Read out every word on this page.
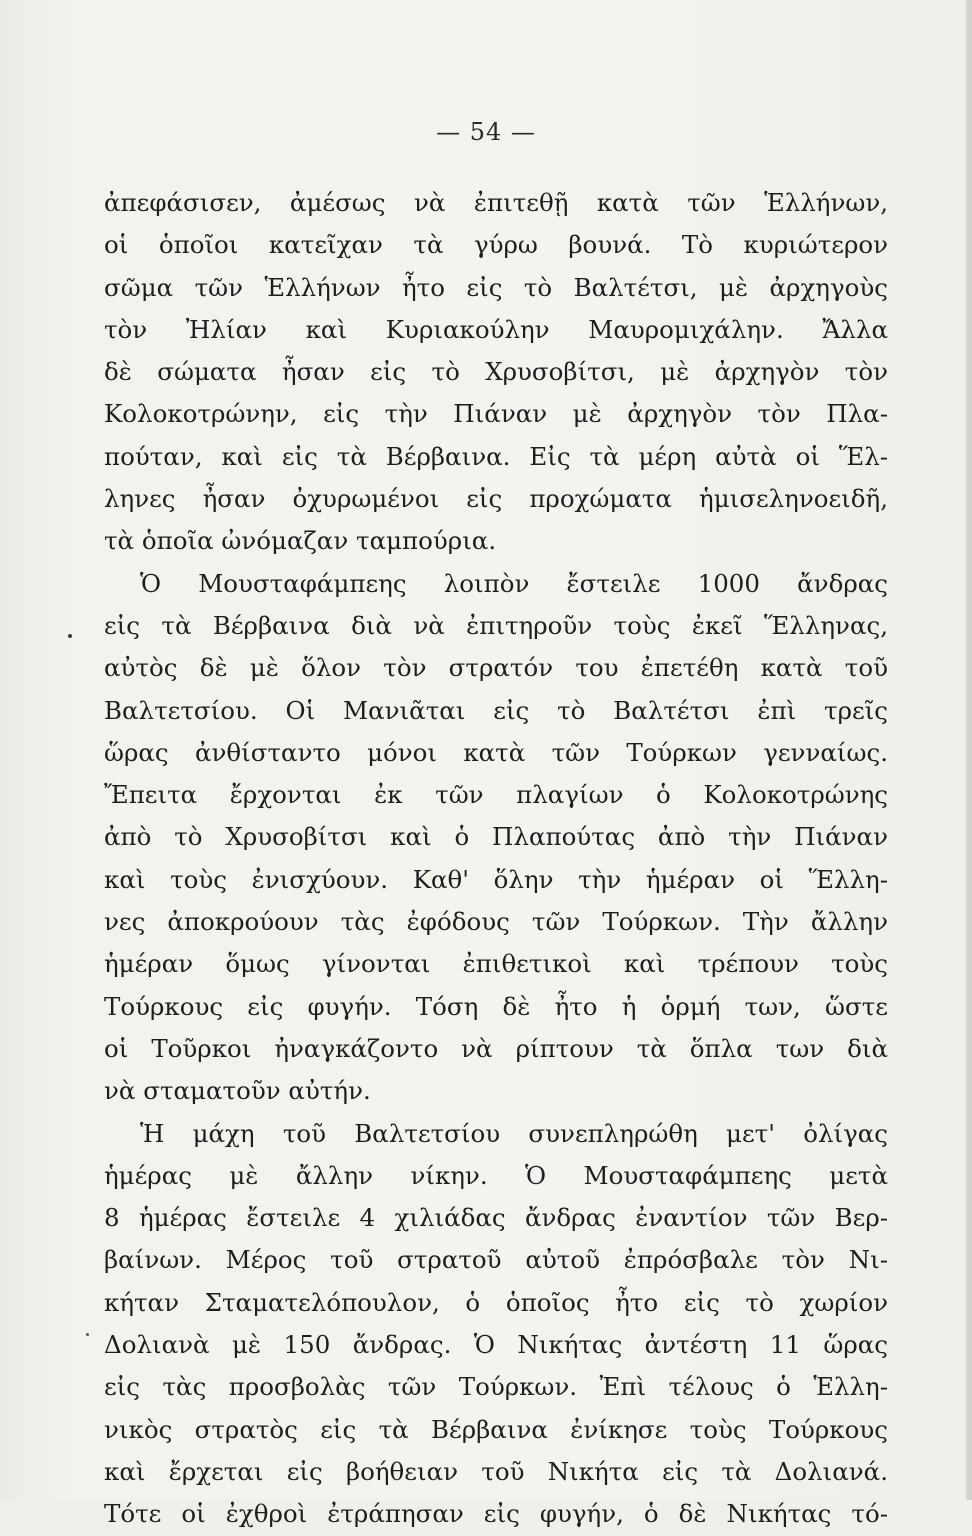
— 54 —
ἀπεφάσισεν, ἀμέσως νὰ ἐπιτεθῇ κατὰ τῶν Ἑλλήνων,
οἱ ὁποῖοι κατεῖχαν τὰ γύρω βουνά. Τὸ κυριώτερον
σῶμα τῶν Ἑλλήνων ἦτο εἰς τὸ Βαλτέτσι, μὲ ἀρχηγοὺς
τὸν Ἠλίαν καὶ Κυριακούλην Μαυρομιχάλην. Ἄλλα
δὲ σώματα ἦσαν εἰς τὸ Χρυσοβίτσι, μὲ ἀρχηγὸν τὸν
Κολοκοτρώνην, εἰς τὴν Πιάναν μὲ ἀρχηγὸν τὸν Πλα-
πούταν, καὶ εἰς τὰ Βέρβαινα. Εἰς τὰ μέρη αὐτὰ οἱ Ἕλ-
ληνες ἦσαν ὀχυρωμένοι εἰς προχώματα ἡμισεληνοειδῆ,
τὰ ὁποῖα ὠνόμαζαν ταμπούρια.
Ὁ Μουσταφάμπεης λοιπὸν ἔστειλε 1000 ἄνδρας
εἰς τὰ Βέρβαινα διὰ νὰ ἐπιτηροῦν τοὺς ἐκεῖ Ἕλληνας,
αὐτὸς δὲ μὲ ὅλον τὸν στρατόν του ἐπετέθη κατὰ τοῦ
Βαλτετσίου. Οἱ Μανιᾶται εἰς τὸ Βαλτέτσι ἐπὶ τρεῖς
ὥρας ἀνθίσταντο μόνοι κατὰ τῶν Τούρκων γενναίως.
Ἔπειτα ἔρχονται ἐκ τῶν πλαγίων ὁ Κολοκοτρώνης
ἀπὸ τὸ Χρυσοβίτσι καὶ ὁ Πλαπούτας ἀπὸ τὴν Πιάναν
καὶ τοὺς ἐνισχύουν. Καθ' ὅλην τὴν ἡμέραν οἱ Ἕλλη-
νες ἀποκρούουν τὰς ἐφόδους τῶν Τούρκων. Τὴν ἄλλην
ἡμέραν ὅμως γίνονται ἐπιθετικοὶ καὶ τρέπουν τοὺς
Τούρκους εἰς φυγήν. Τόση δὲ ἦτο ἡ ὁρμή των, ὥστε
οἱ Τοῦρκοι ἠναγκάζοντο νὰ ρίπτουν τὰ ὅπλα των διὰ
νὰ σταματοῦν αὐτήν.
Ἡ μάχη τοῦ Βαλτετσίου συνεπληρώθη μετ' ὀλίγας
ἡμέρας μὲ ἄλλην νίκην. Ὁ Μουσταφάμπεης μετὰ
8 ἡμέρας ἔστειλε 4 χιλιάδας ἄνδρας ἐναντίον τῶν Βερ-
βαίνων. Μέρος τοῦ στρατοῦ αὐτοῦ ἐπρόσβαλε τὸν Νι-
κήταν Σταματελόπουλον, ὁ ὁποῖος ἦτο εἰς τὸ χωρίον
Δολιανὰ μὲ 150 ἄνδρας. Ὁ Νικήτας ἀντέστη 11 ὥρας
εἰς τὰς προσβολὰς τῶν Τούρκων. Ἐπὶ τέλους ὁ Ἑλλη-
νικὸς στρατὸς εἰς τὰ Βέρβαινα ἐνίκησε τοὺς Τούρκους
καὶ ἔρχεται εἰς βοήθειαν τοῦ Νικήτα εἰς τὰ Δολιανά.
Τότε οἱ ἐχθροὶ ἐτράπησαν εἰς φυγήν, ὁ δὲ Νικήτας τό-
